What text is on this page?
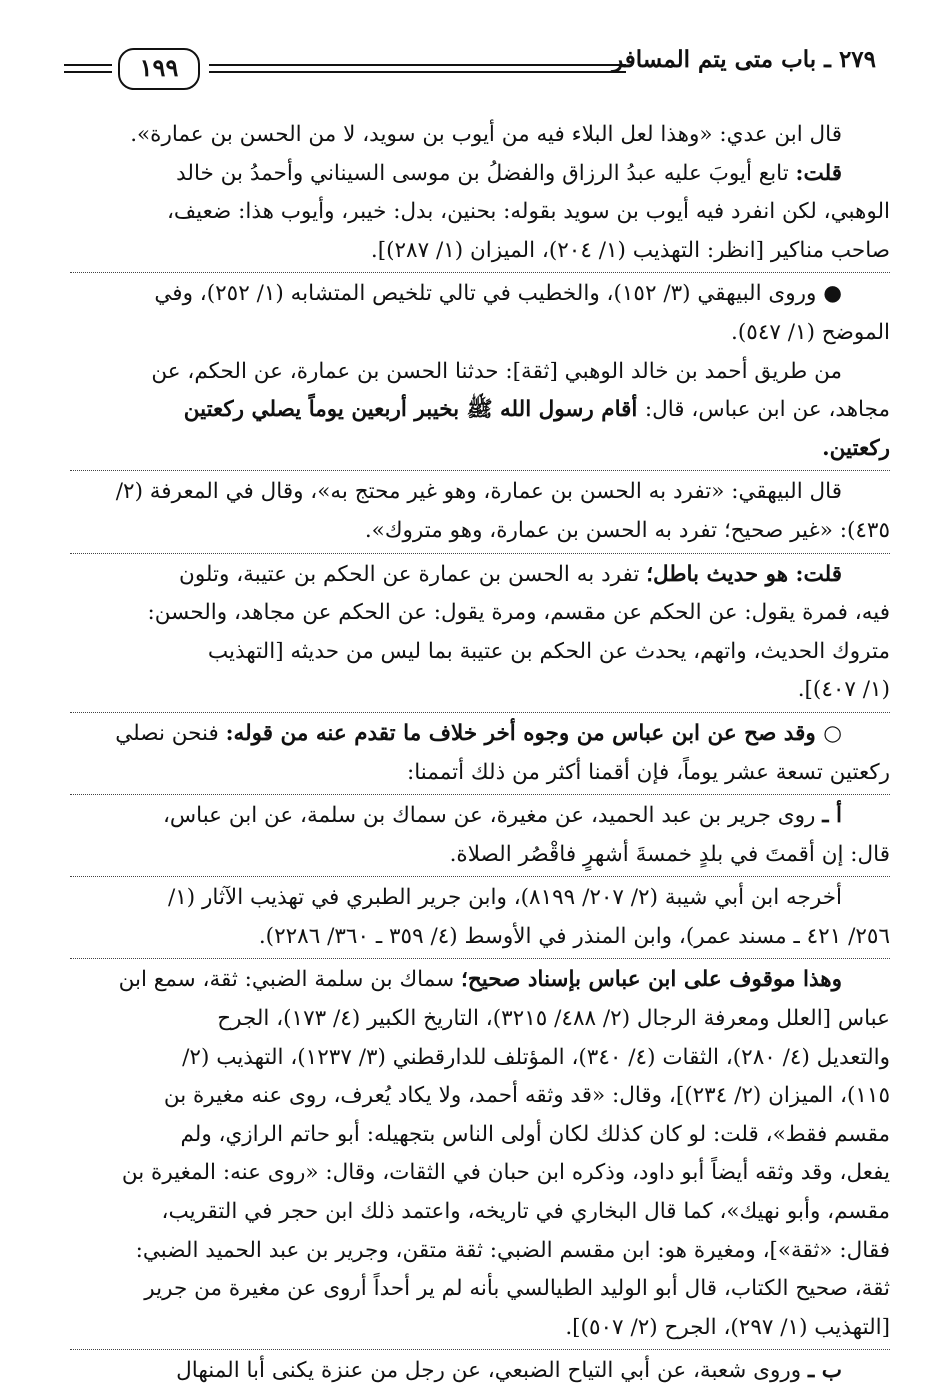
٢٧٩ ـ باب متى يتم المسافر
١٩٩
قال ابن عدي: «وهذا لعل البلاء فيه من أيوب بن سويد، لا من الحسن بن عمارة».
قلت: تابع أيوبَ عليه عبدُ الرزاق والفضلُ بن موسى السيناني وأحمدُ بن خالد
الوهبي، لكن انفرد فيه أيوب بن سويد بقوله: بحنين، بدل: خيبر، وأيوب هذا: ضعيف،
صاحب مناكير [انظر: التهذيب (١/ ٢٠٤)، الميزان (١/ ٢٨٧)].
● وروى البيهقي (٣/ ١٥٢)، والخطيب في تالي تلخيص المتشابه (١/ ٢٥٢)، وفي
الموضح (١/ ٥٤٧).
من طريق أحمد بن خالد الوهبي [ثقة]: حدثنا الحسن بن عمارة، عن الحكم، عن
مجاهد، عن ابن عباس، قال: أقام رسول الله ﷺ بخيبر أربعين يوماً يصلي ركعتين
ركعتين.
قال البيهقي: «تفرد به الحسن بن عمارة، وهو غير محتج به»، وقال في المعرفة (٢/
٤٣٥): «غير صحيح؛ تفرد به الحسن بن عمارة، وهو متروك».
قلت: هو حديث باطل؛ تفرد به الحسن بن عمارة عن الحكم بن عتيبة، وتلون
فيه، فمرة يقول: عن الحكم عن مقسم، ومرة يقول: عن الحكم عن مجاهد، والحسن:
متروك الحديث، واتهم، يحدث عن الحكم بن عتيبة بما ليس من حديثه [التهذيب
(١/ ٤٠٧)].
○ وقد صح عن ابن عباس من وجوه أخر خلاف ما تقدم عنه من قوله: فنحن نصلي
ركعتين تسعة عشر يوماً، فإن أقمنا أكثر من ذلك أتممنا:
أ ـ روى جرير بن عبد الحميد، عن مغيرة، عن سماك بن سلمة، عن ابن عباس،
قال: إن أقمتَ في بلدٍ خمسةَ أشهرٍ فاقْصُر الصلاة.
أخرجه ابن أبي شيبة (٢/ ٢٠٧/ ٨١٩٩)، وابن جرير الطبري في تهذيب الآثار (١/
٢٥٦/ ٤٢١ ـ مسند عمر)، وابن المنذر في الأوسط (٤/ ٣٥٩ ـ ٣٦٠/ ٢٢٨٦).
وهذا موقوف على ابن عباس بإسناد صحيح؛ سماك بن سلمة الضبي: ثقة، سمع ابن
عباس [العلل ومعرفة الرجال (٢/ ٤٨٨/ ٣٢١٥)، التاريخ الكبير (٤/ ١٧٣)، الجرح
والتعديل (٤/ ٢٨٠)، الثقات (٤/ ٣٤٠)، المؤتلف للدارقطني (٣/ ١٢٣٧)، التهذيب (٢/
١١٥)، الميزان (٢/ ٢٣٤)]، وقال: «قد وثقه أحمد، ولا يكاد يُعرف، روى عنه مغيرة بن
مقسم فقط»، قلت: لو كان كذلك لكان أولى الناس بتجهيله: أبو حاتم الرازي، ولم
يفعل، وقد وثقه أيضاً أبو داود، وذكره ابن حبان في الثقات، وقال: «روى عنه: المغيرة بن
مقسم، وأبو نهيك»، كما قال البخاري في تاريخه، واعتمد ذلك ابن حجر في التقريب،
فقال: «ثقة»]، ومغيرة هو: ابن مقسم الضبي: ثقة متقن، وجرير بن عبد الحميد الضبي:
ثقة، صحيح الكتاب، قال أبو الوليد الطيالسي بأنه لم ير أحداً أروى عن مغيرة من جرير
[التهذيب (١/ ٢٩٧)، الجرح (٢/ ٥٠٧)].
ب ـ وروى شعبة، عن أبي التياح الضبعي، عن رجل من عنزة يكنى أبا المنهال
